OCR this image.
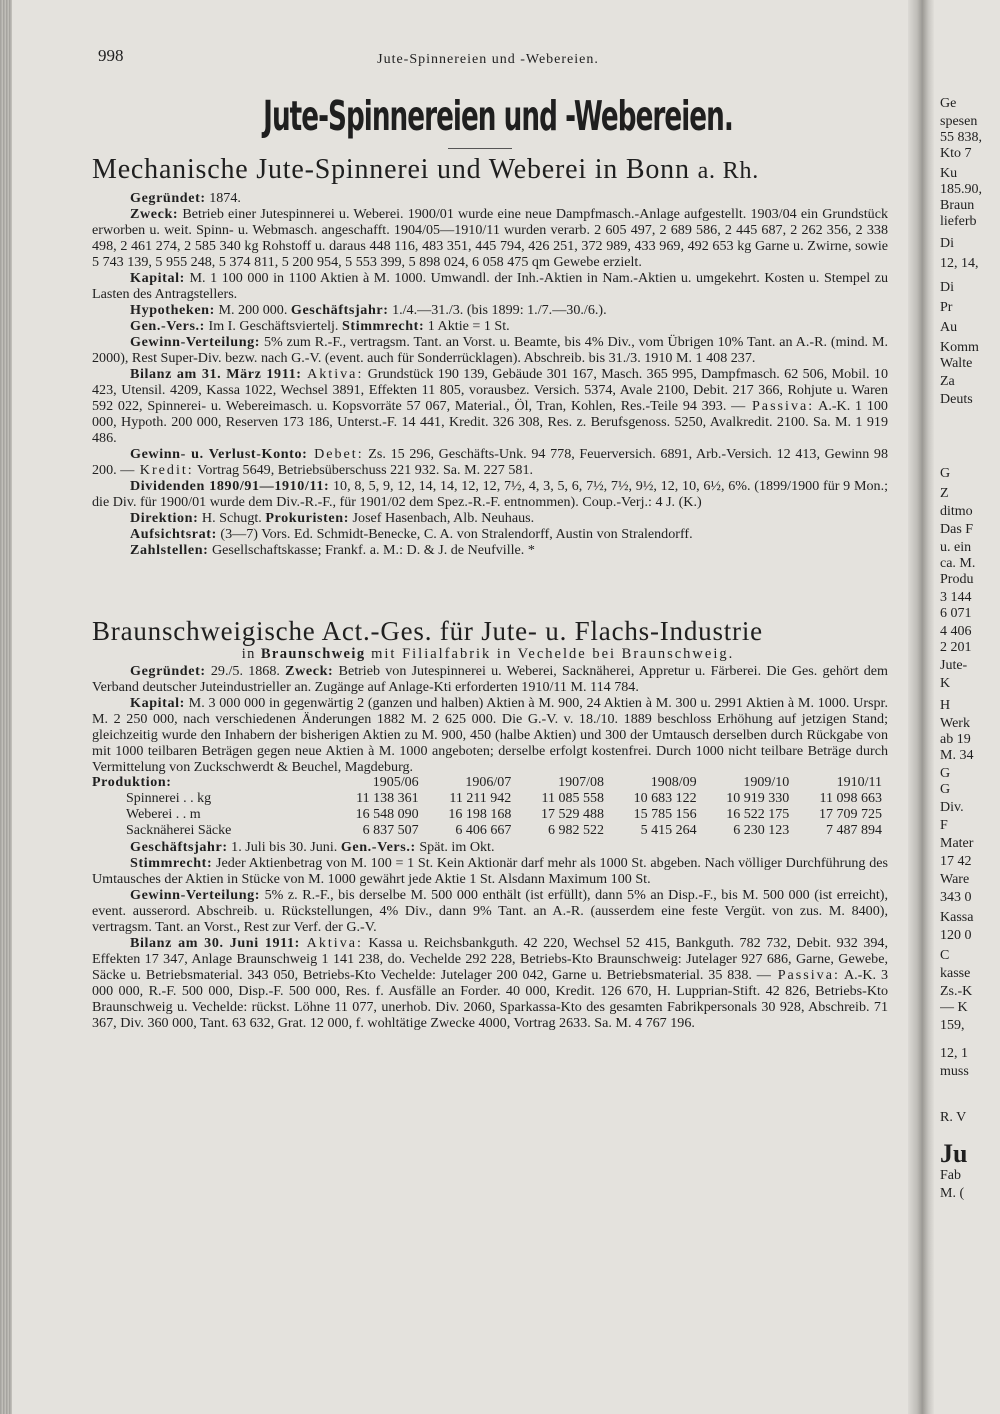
998	Jute-Spinnereien und -Webereien.
Jute-Spinnereien und -Webereien.
Mechanische Jute-Spinnerei und Weberei in Bonn a. Rh.

Gegründet: 1874.

Zweck: Betrieb einer Jutespinnerei u. Weberei. 1900/01 wurde eine neue Dampfmasch.-Anlage aufgestellt. 1903/04 ein Grundstück erworben u. weit. Spinn- u. Webmasch. angeschafft. 1904/05—1910/11 wurden verarb. 2 605 497, 2 689 586, 2 445 687, 2 262 356, 2 338 498, 2 461 274, 2 585 340 kg Rohstoff u. daraus 448 116, 483 351, 445 794, 426 251, 372 989, 433 969, 492 653 kg Garne u. Zwirne, sowie 5 743 139, 5 955 248, 5 374 811, 5 200 954, 5 553 399, 5 898 024, 6 058 475 qm Gewebe erzielt.

Kapital: M. 1 100 000 in 1100 Aktien à M. 1000. Umwandl. der Inh.-Aktien in Nam.-Aktien u. umgekehrt. Kosten u. Stempel zu Lasten des Antragstellers.

Hypotheken: M. 200 000. Geschäftsjahr: 1./4.—31./3. (bis 1899: 1./7.—30./6.).

Gen.-Vers.: Im I. Geschäftsviertelj. Stimmrecht: 1 Aktie = 1 St.

Gewinn-Verteilung: 5% zum R.-F., vertragsm. Tant. an Vorst. u. Beamte, bis 4% Div., vom Übrigen 10% Tant. an A.-R. (mind. M. 2000), Rest Super-Div. bezw. nach G.-V. (event. auch für Sonderrücklagen). Abschreib. bis 31./3. 1910 M. 1 408 237.

Bilanz am 31. März 1911: Aktiva: Grundstück 190 139, Gebäude 301 167, Masch. 365 995, Dampfmasch. 62 506, Mobil. 10 423, Utensil. 4209, Kassa 1022, Wechsel 3891, Effekten 11 805, vorausbez. Versich. 5374, Avale 2100, Debit. 217 366, Rohjute u. Waren 592 022, Spinnerei- u. Webereimasch. u. Kopsvorräte 57 067, Material., Öl, Tran, Kohlen, Res.-Teile 94 393. — Passiva: A.-K. 1 100 000, Hypoth. 200 000, Reserven 173 186, Unterst.-F. 14 441, Kredit. 326 308, Res. z. Berufsgenoss. 5250, Avalkredit. 2100. Sa. M. 1 919 486.

Gewinn- u. Verlust-Konto: Debet: Zs. 15 296, Geschäfts-Unk. 94 778, Feuerversich. 6891, Arb.-Versich. 12 413, Gewinn 98 200. — Kredit: Vortrag 5649, Betriebsüberschuss 221 932. Sa. M. 227 581.

Dividenden 1890/91—1910/11: 10, 8, 5, 9, 12, 14, 14, 12, 12, 7½, 4, 3, 5, 6, 7½, 7½, 9½, 12, 10, 6½, 6%. (1899/1900 für 9 Mon.; die Div. für 1900/01 wurde dem Div.-R.-F., für 1901/02 dem Spez.-R.-F. entnommen). Coup.-Verj.: 4 J. (K.)

Direktion: H. Schugt. Prokuristen: Josef Hasenbach, Alb. Neuhaus.

Aufsichtsrat: (3—7) Vors. Ed. Schmidt-Benecke, C. A. von Stralendorff, Austin von Stralendorff.

Zahlstellen: Gesellschaftskasse; Frankf. a. M.: D. & J. de Neufville. *

Braunschweigische Act.-Ges. für Jute- u. Flachs-Industrie
in Braunschweig mit Filialfabrik in Vechelde bei Braunschweig.

Gegründet: 29./5. 1868. Zweck: Betrieb von Jutespinnerei u. Weberei, Sacknäherei, Appretur u. Färberei. Die Ges. gehört dem Verband deutscher Juteindustrieller an. Zugänge auf Anlage-Kti erforderten 1910/11 M. 114 784.

Kapital: M. 3 000 000 in gegenwärtig 2 (ganzen und halben) Aktien à M. 900, 24 Aktien à M. 300 u. 2991 Aktien à M. 1000. Urspr. M. 2 250 000, nach verschiedenen Änderungen 1882 M. 2 625 000. Die G.-V. v. 18./10. 1889 beschloss Erhöhung auf jetzigen Stand; gleichzeitig wurde den Inhabern der bisherigen Aktien zu M. 900, 450 (halbe Aktien) und 300 der Umtausch derselben durch Rückgabe von mit 1000 teilbaren Beträgen gegen neue Aktien à M. 1000 angeboten; derselbe erfolgt kostenfrei. Durch 1000 nicht teilbare Beträge durch Vermittelung von Zuckschwerdt & Beuchel, Magdeburg.

Produktion:	1905/06	1906/07	1907/08	1908/09	1909/10	1910/11
Spinnerei . . kg	11 138 361	11 211 942	11 085 558	10 683 122	10 919 330	11 098 663
Weberei . . m	16 548 090	16 198 168	17 529 488	15 785 156	16 522 175	17 709 725
Sacknäherei Säcke	6 837 507	6 406 667	6 982 522	5 415 264	6 230 123	7 487 894

Geschäftsjahr: 1. Juli bis 30. Juni. Gen.-Vers.: Spät. im Okt.

Stimmrecht: Jeder Aktienbetrag von M. 100 = 1 St. Kein Aktionär darf mehr als 1000 St. abgeben. Nach völliger Durchführung des Umtausches der Aktien in Stücke von M. 1000 gewährt jede Aktie 1 St. Alsdann Maximum 100 St.

Gewinn-Verteilung: 5% z. R.-F., bis derselbe M. 500 000 enthält (ist erfüllt), dann 5% an Disp.-F., bis M. 500 000 (ist erreicht), event. ausserord. Abschreib. u. Rückstellungen, 4% Div., dann 9% Tant. an A.-R. (ausserdem eine feste Vergüt. von zus. M. 8400), vertragsm. Tant. an Vorst., Rest zur Verf. der G.-V.

Bilanz am 30. Juni 1911: Aktiva: Kassa u. Reichsbankguth. 42 220, Wechsel 52 415, Bankguth. 782 732, Debit. 932 394, Effekten 17 347, Anlage Braunschweig 1 141 238, do. Vechelde 292 228, Betriebs-Kto Braunschweig: Jutelager 927 686, Garne, Gewebe, Säcke u. Betriebsmaterial. 343 050, Betriebs-Kto Vechelde: Jutelager 200 042, Garne u. Betriebsmaterial. 35 838. — Passiva: A.-K. 3 000 000, R.-F. 500 000, Disp.-F. 500 000, Res. f. Ausfälle an Forder. 40 000, Kredit. 126 670, H. Lupprian-Stift. 42 826, Betriebs-Kto Braunschweig u. Vechelde: rückst. Löhne 11 077, unerhob. Div. 2060, Sparkassa-Kto des gesamten Fabrikpersonals 30 928, Abschreib. 71 367, Div. 360 000, Tant. 63 632, Grat. 12 000, f. wohltätige Zwecke 4000, Vortrag 2633. Sa. M. 4 767 196.

Ge
spesen
55 838,
Kto 7
Ku
185.90,
Braun
lieferb
Di
12, 14,
Di
Pr
Au
Komm
Walte
Za
Deuts
G
Z
ditmo
Das F
u. ein
ca. M.
Produ
3 144
6 071
4 406
2 201
Jute-
K
H
Werk
ab 19
M. 34
G
G
Div.
F
Mater
17 42
Ware
343 0
Kassa
120 0
C
kasse
Zs.-K
— K
159,
12, 1
muss
R. V
Ju
Fab
M. (
